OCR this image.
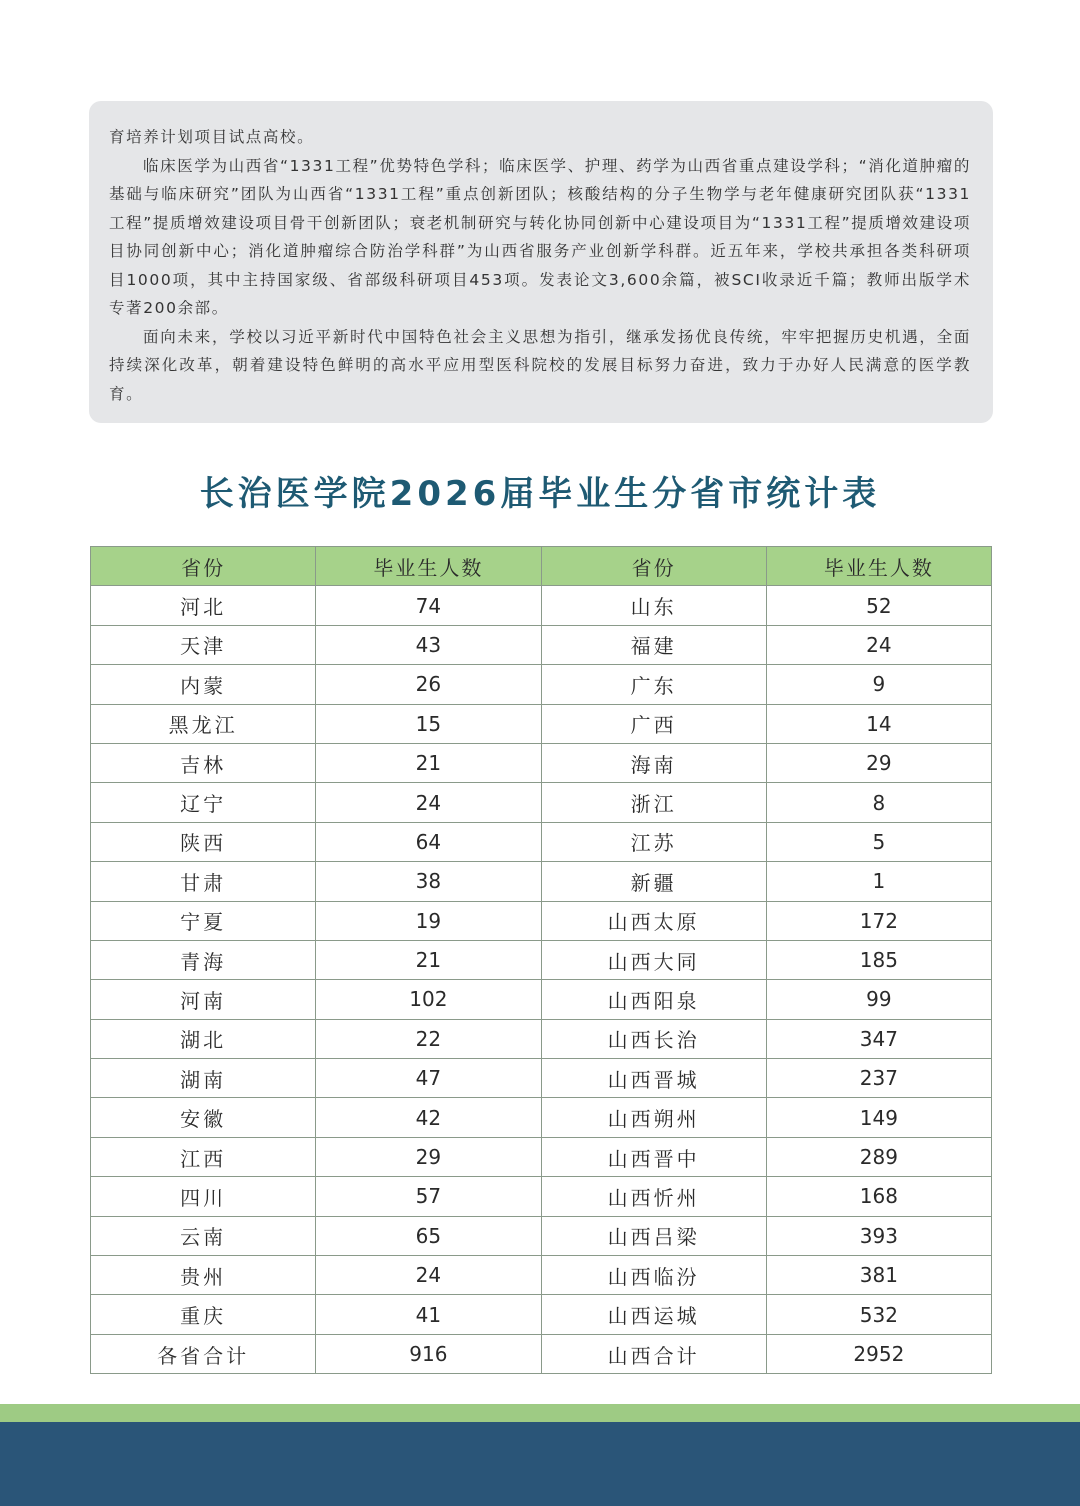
育培养计划项目试点高校。

临床医学为山西省“1331工程”优势特色学科；临床医学、护理、药学为山西省重点建设学科；“消化道肿瘤的基础与临床研究”团队为山西省“1331工程”重点创新团队；核酸结构的分子生物学与老年健康研究团队获“1331工程”提质增效建设项目骨干创新团队；衰老机制研究与转化协同创新中心建设项目为“1331工程”提质增效建设项目协同创新中心；消化道肿瘤综合防治学科群”为山西省服务产业创新学科群。近五年来，学校共承担各类科研项目1000项，其中主持国家级、省部级科研项目453项。发表论文3,600余篇，被SCI收录近千篇；教师出版学术专著200余部。

面向未来，学校以习近平新时代中国特色社会主义思想为指引，继承发扬优良传统，牢牢把握历史机遇，全面持续深化改革，朝着建设特色鲜明的高水平应用型医科院校的发展目标努力奋进，致力于办好人民满意的医学教育。

长治医学院2026届毕业生分省市统计表
省份	毕业生人数	省份	毕业生人数
河北	74	山东	52
天津	43	福建	24
内蒙	26	广东	9
黑龙江	15	广西	14
吉林	21	海南	29
辽宁	24	浙江	8
陕西	64	江苏	5
甘肃	38	新疆	1
宁夏	19	山西太原	172
青海	21	山西大同	185
河南	102	山西阳泉	99
湖北	22	山西长治	347
湖南	47	山西晋城	237
安徽	42	山西朔州	149
江西	29	山西晋中	289
四川	57	山西忻州	168
云南	65	山西吕梁	393
贵州	24	山西临汾	381
重庆	41	山西运城	532
各省合计	916	山西合计	2952
